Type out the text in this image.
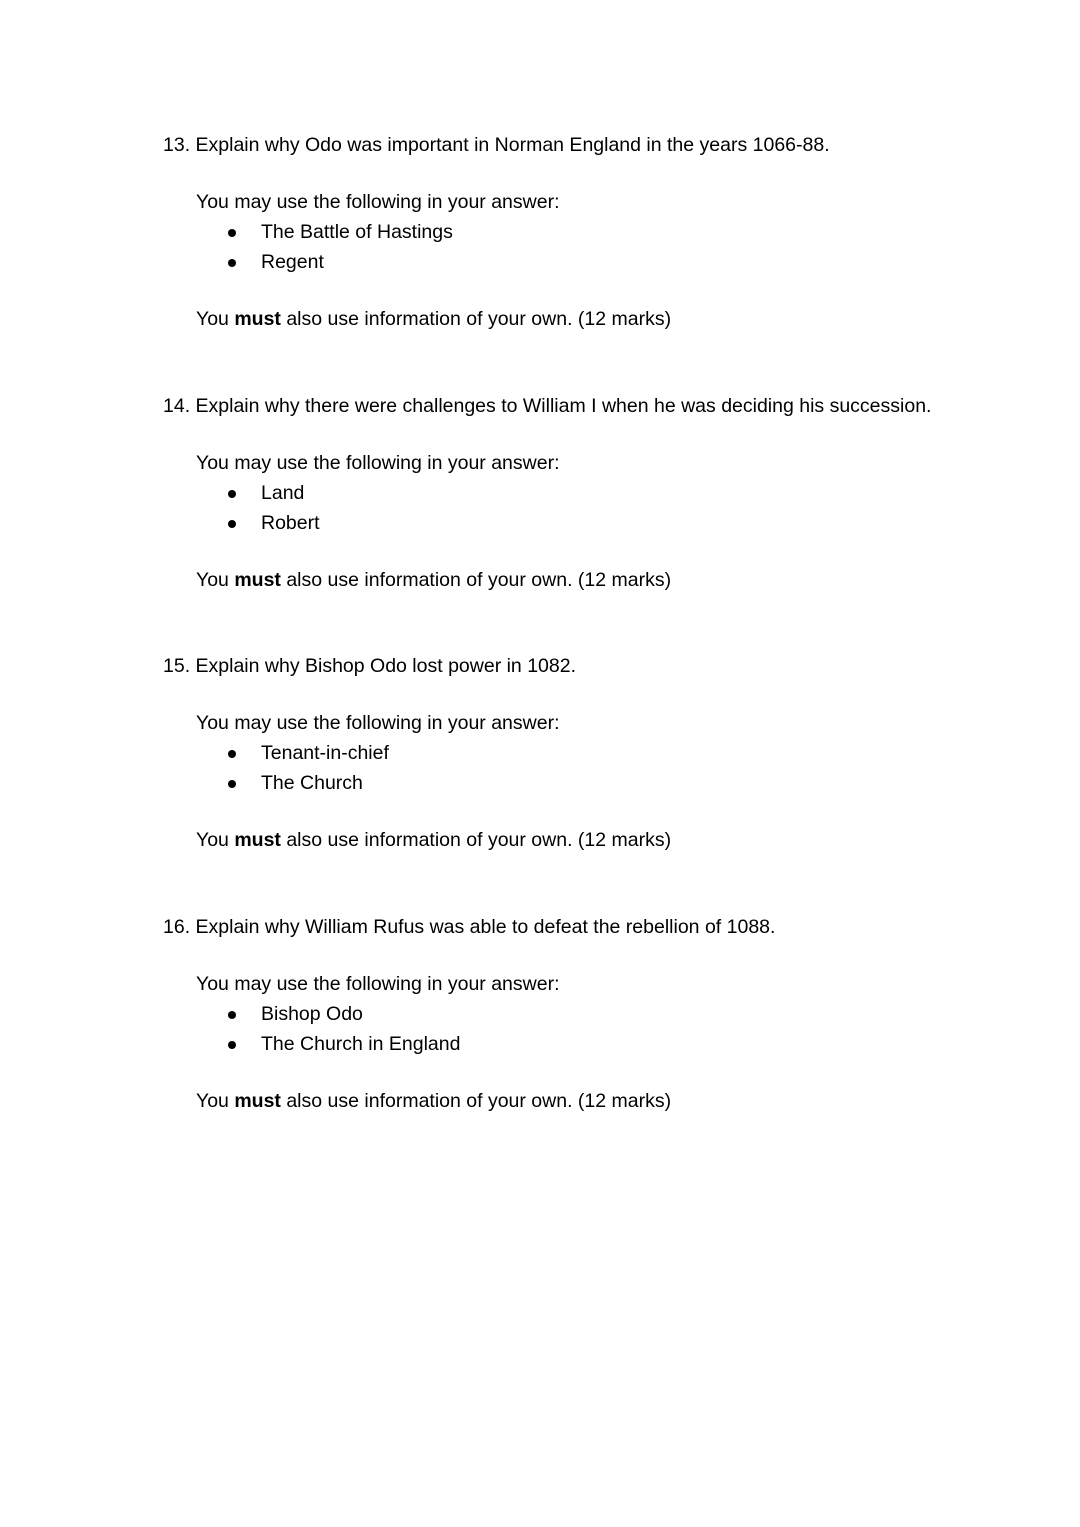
13. Explain why Odo was important in Norman England in the years 1066-88.

You may use the following in your answer:
The Battle of Hastings
Regent
You must also use information of your own. (12 marks)

14. Explain why there were challenges to William I when he was deciding his succession.

You may use the following in your answer:
Land
Robert
You must also use information of your own. (12 marks)

15. Explain why Bishop Odo lost power in 1082.

You may use the following in your answer:
Tenant-in-chief
The Church
You must also use information of your own. (12 marks)

16. Explain why William Rufus was able to defeat the rebellion of 1088.

You may use the following in your answer:
Bishop Odo
The Church in England
You must also use information of your own. (12 marks)
